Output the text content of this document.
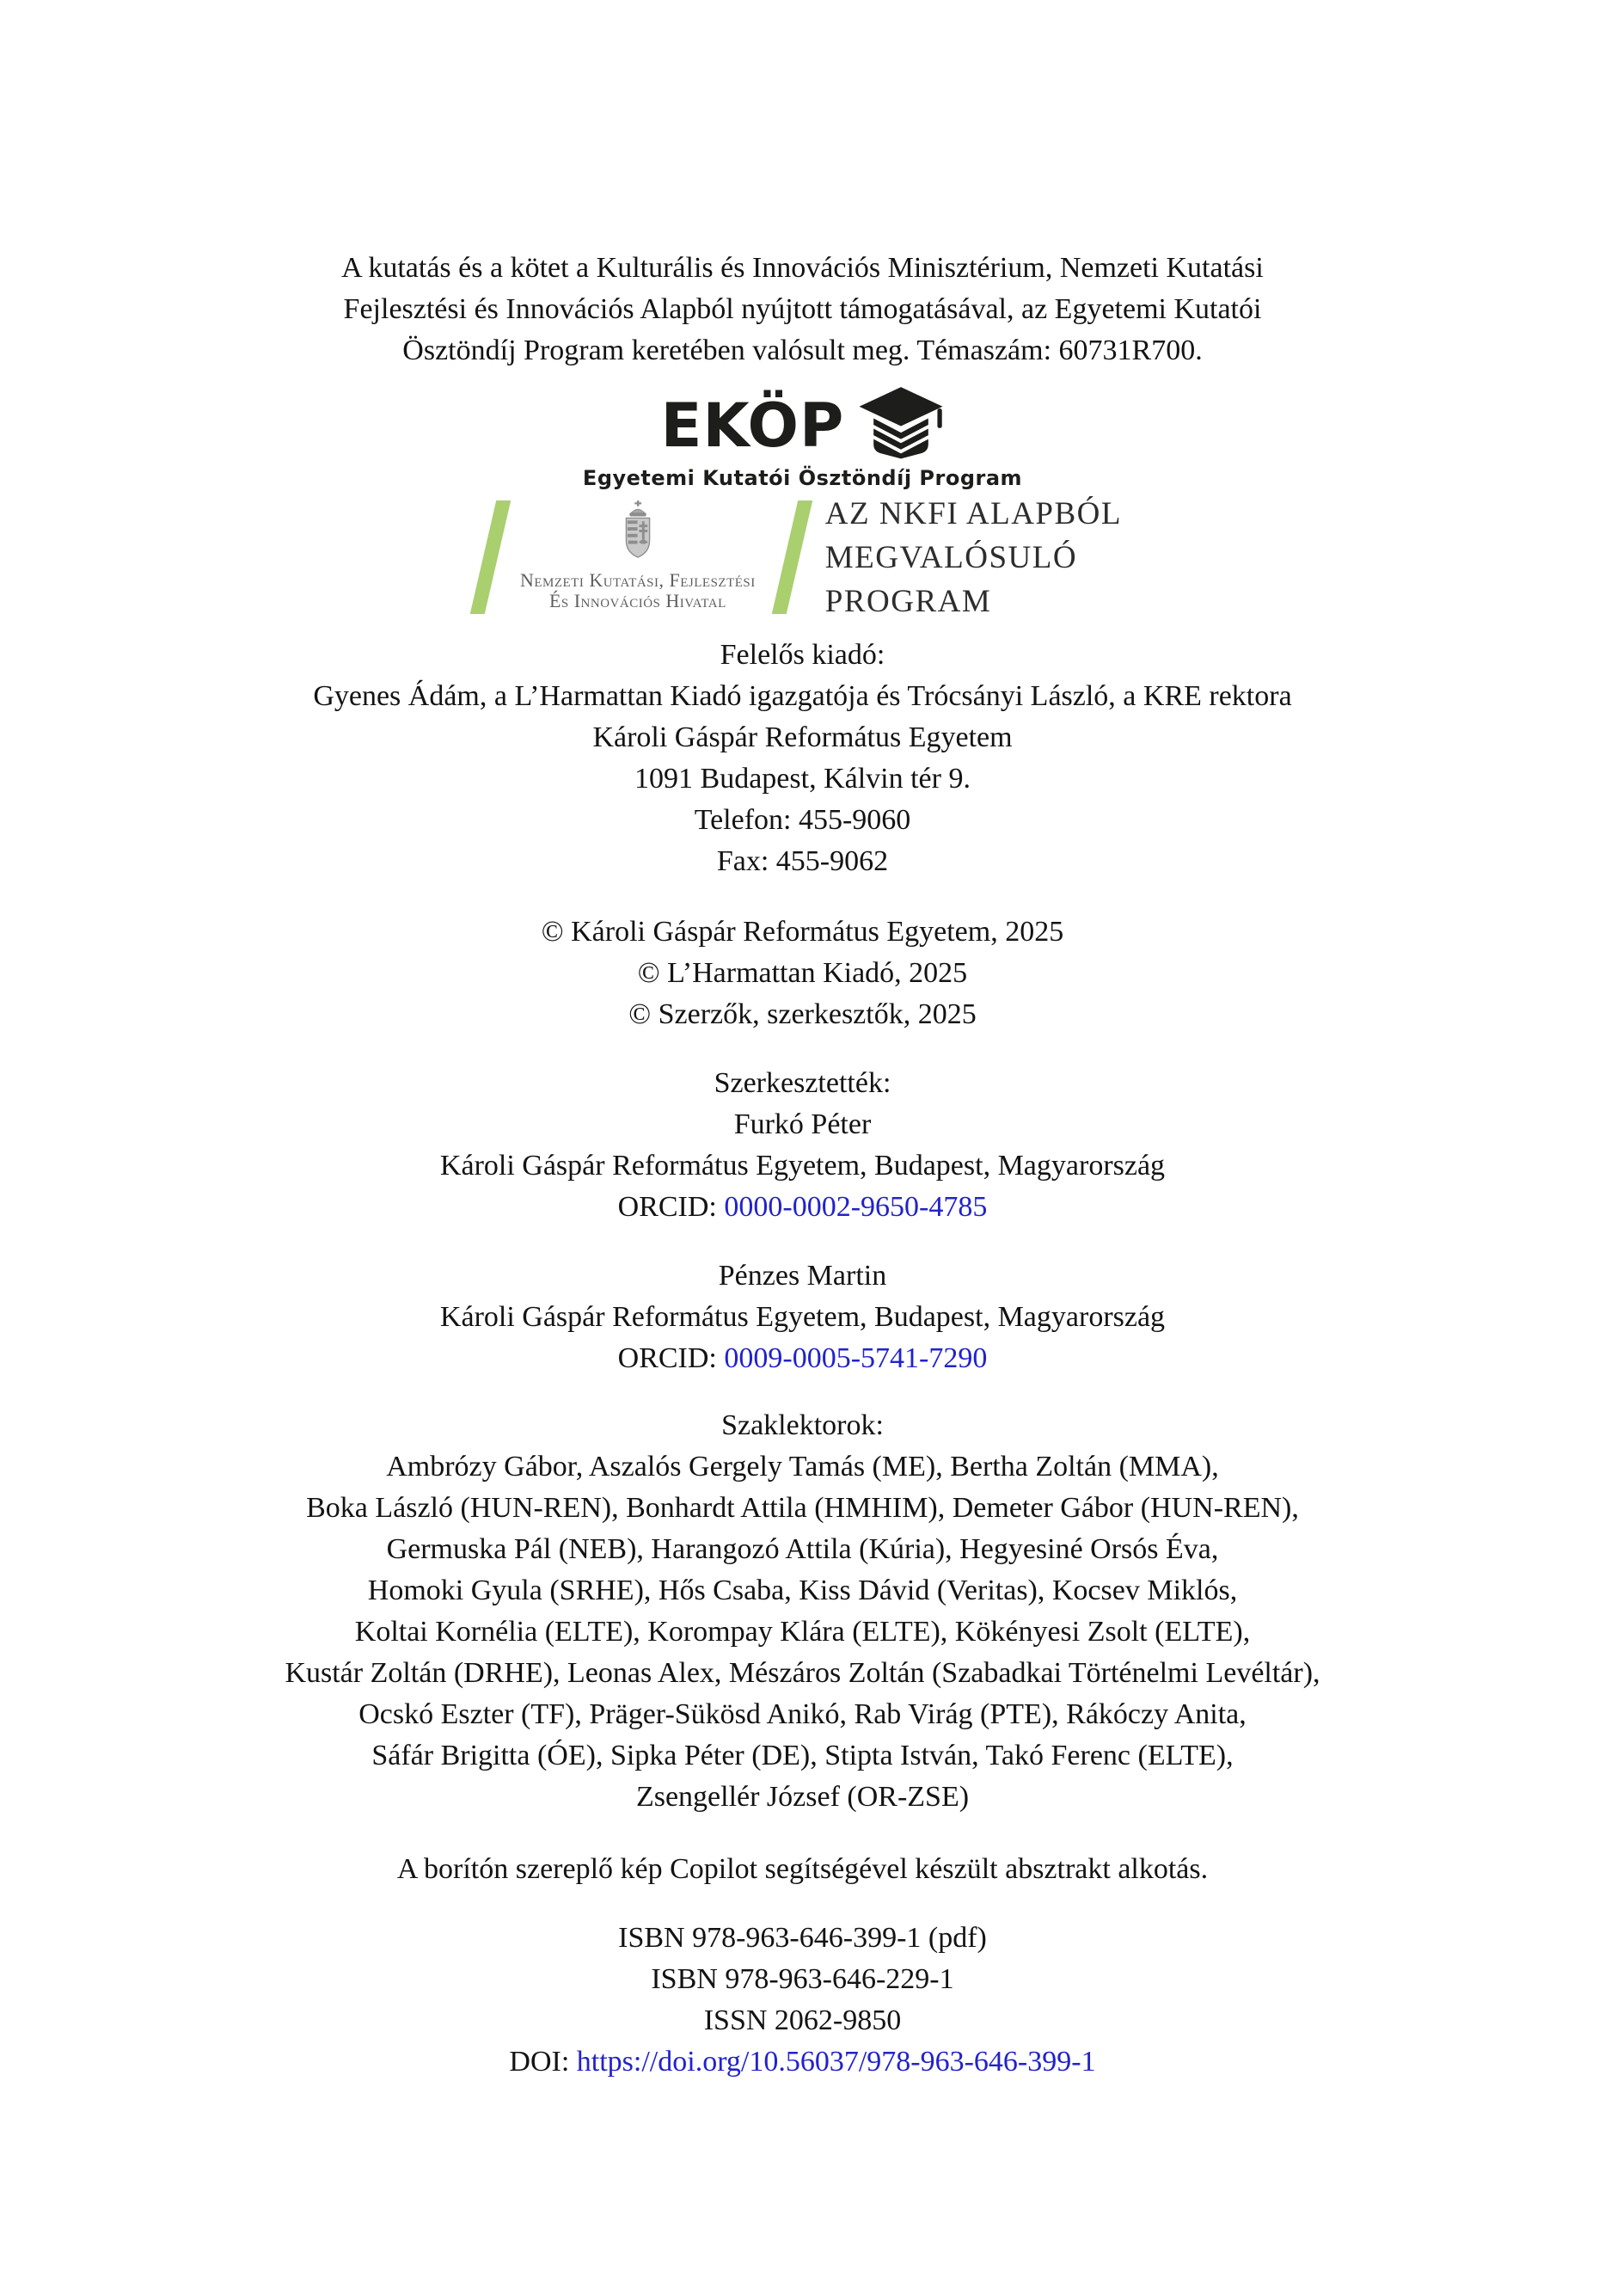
A kutatás és a kötet a Kulturális és Innovációs Minisztérium, Nemzeti Kutatási
Fejlesztési és Innovációs Alapból nyújtott támogatásával, az Egyetemi Kutatói
Ösztöndíj Program keretében valósult meg. Témaszám: 60731R700.
EKÖP
Egyetemi Kutatói Ösztöndíj Program
Nemzeti Kutatási, Fejlesztési
És Innovációs Hivatal
AZ NKFI ALAPBÓL
MEGVALÓSULÓ
PROGRAM
Felelős kiadó:
Gyenes Ádám, a L’Harmattan Kiadó igazgatója és Trócsányi László, a KRE rektora
Károli Gáspár Református Egyetem
1091 Budapest, Kálvin tér 9.
Telefon: 455-9060
Fax: 455-9062
© Károli Gáspár Református Egyetem, 2025
© L’Harmattan Kiadó, 2025
© Szerzők, szerkesztők, 2025
Szerkesztették:
Furkó Péter
Károli Gáspár Református Egyetem, Budapest, Magyarország
ORCID: 0000-0002-9650-4785
Pénzes Martin
Károli Gáspár Református Egyetem, Budapest, Magyarország
ORCID: 0009-0005-5741-7290
Szaklektorok:
Ambrózy Gábor, Aszalós Gergely Tamás (ME), Bertha Zoltán (MMA),
Boka László (HUN-REN), Bonhardt Attila (HMHIM), Demeter Gábor (HUN-REN),
Germuska Pál (NEB), Harangozó Attila (Kúria), Hegyesiné Orsós Éva,
Homoki Gyula (SRHE), Hős Csaba, Kiss Dávid (Veritas), Kocsev Miklós,
Koltai Kornélia (ELTE), Korompay Klára (ELTE), Kökényesi Zsolt (ELTE),
Kustár Zoltán (DRHE), Leonas Alex, Mészáros Zoltán (Szabadkai Történelmi Levéltár),
Ocskó Eszter (TF), Präger-Sükösd Anikó, Rab Virág (PTE), Rákóczy Anita,
Sáfár Brigitta (ÓE), Sipka Péter (DE), Stipta István, Takó Ferenc (ELTE),
Zsengellér József (OR-ZSE)
A borítón szereplő kép Copilot segítségével készült absztrakt alkotás.
ISBN 978-963-646-399-1 (pdf)
ISBN 978-963-646-229-1
ISSN 2062-9850
DOI: https://doi.org/10.56037/978-963-646-399-1
